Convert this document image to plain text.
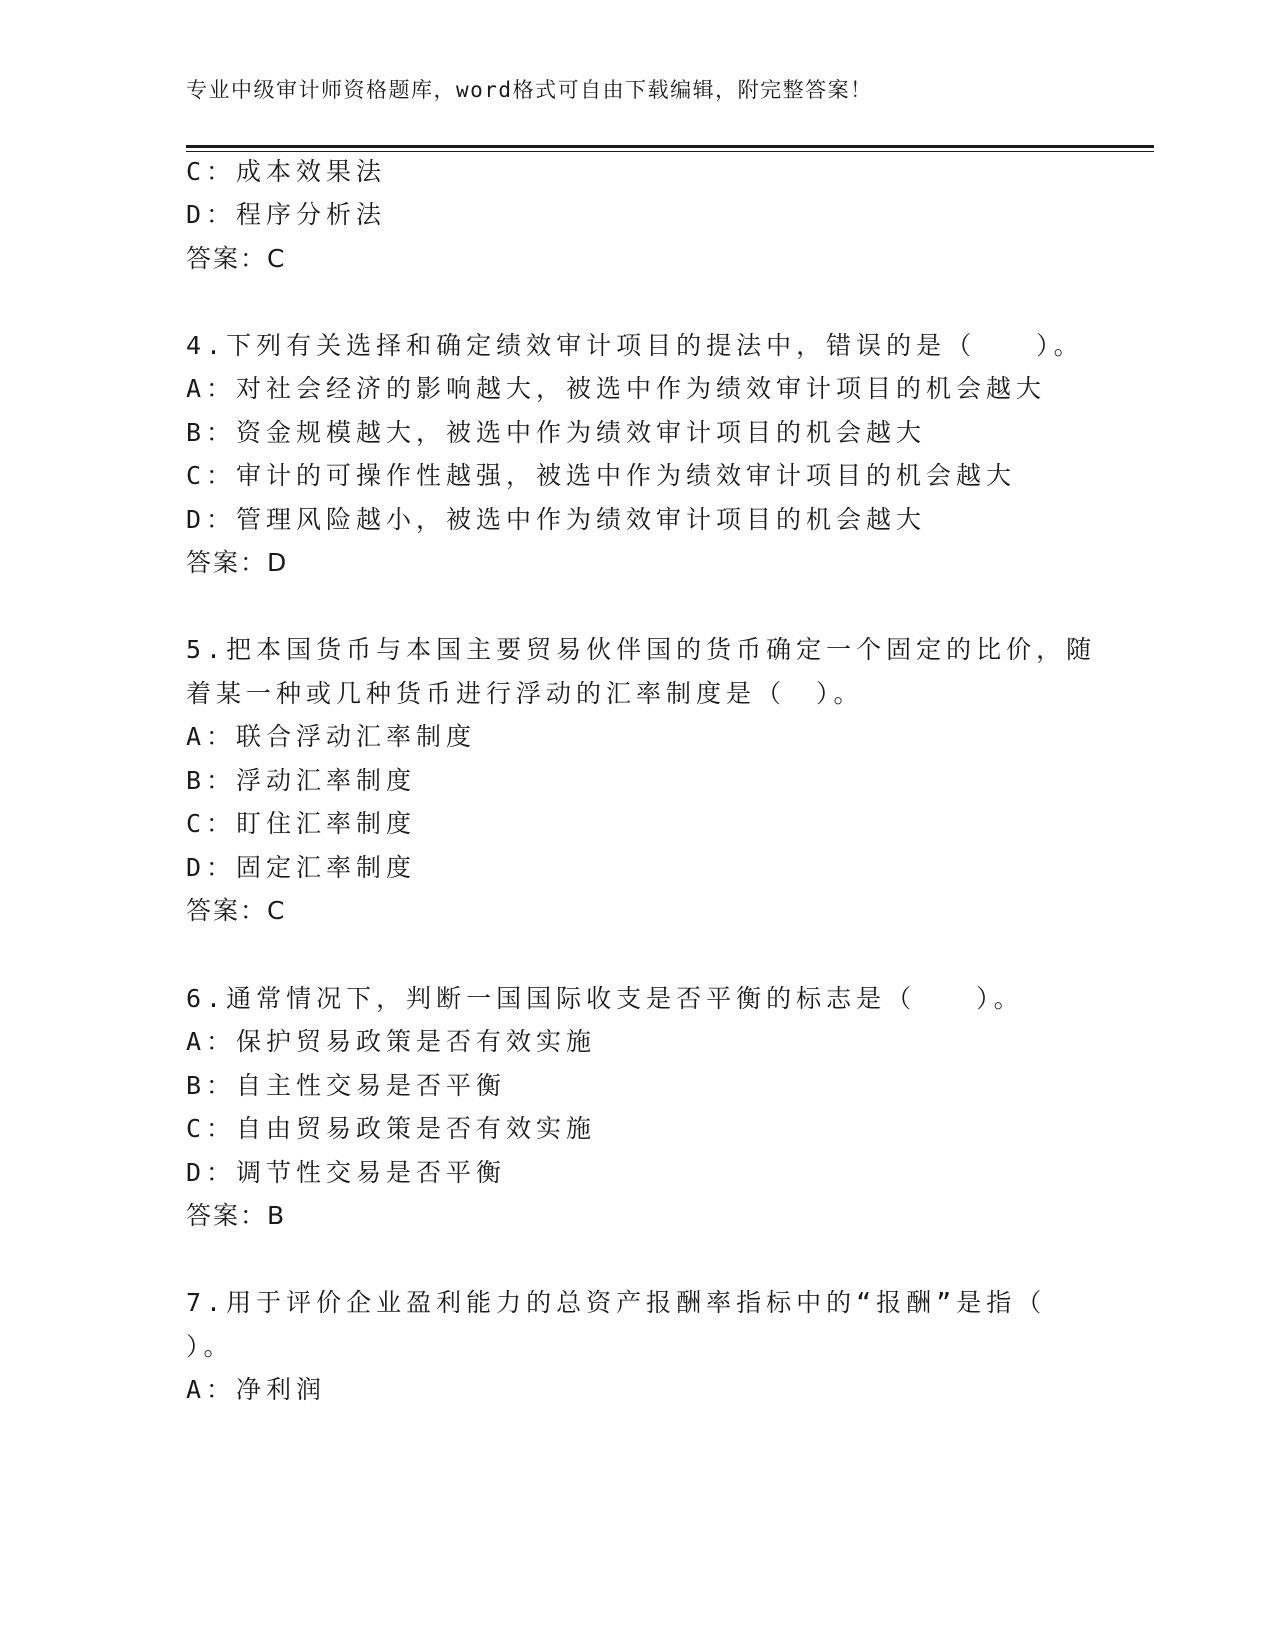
专业中级审计师资格题库，word格式可自由下载编辑，附完整答案！
C：成本效果法
D：程序分析法
答案：C
4.下列有关选择和确定绩效审计项目的提法中，错误的是（　　）。
A：对社会经济的影响越大，被选中作为绩效审计项目的机会越大
B：资金规模越大，被选中作为绩效审计项目的机会越大
C：审计的可操作性越强，被选中作为绩效审计项目的机会越大
D：管理风险越小，被选中作为绩效审计项目的机会越大
答案：D
5.把本国货币与本国主要贸易伙伴国的货币确定一个固定的比价，随
着某一种或几种货币进行浮动的汇率制度是（　）。
A：联合浮动汇率制度
B：浮动汇率制度
C：盯住汇率制度
D：固定汇率制度
答案：C
6.通常情况下，判断一国国际收支是否平衡的标志是（　　）。
A：保护贸易政策是否有效实施
B：自主性交易是否平衡
C：自由贸易政策是否有效实施
D：调节性交易是否平衡
答案：B
7.用于评价企业盈利能力的总资产报酬率指标中的“报酬”是指（
）。
A：净利润
